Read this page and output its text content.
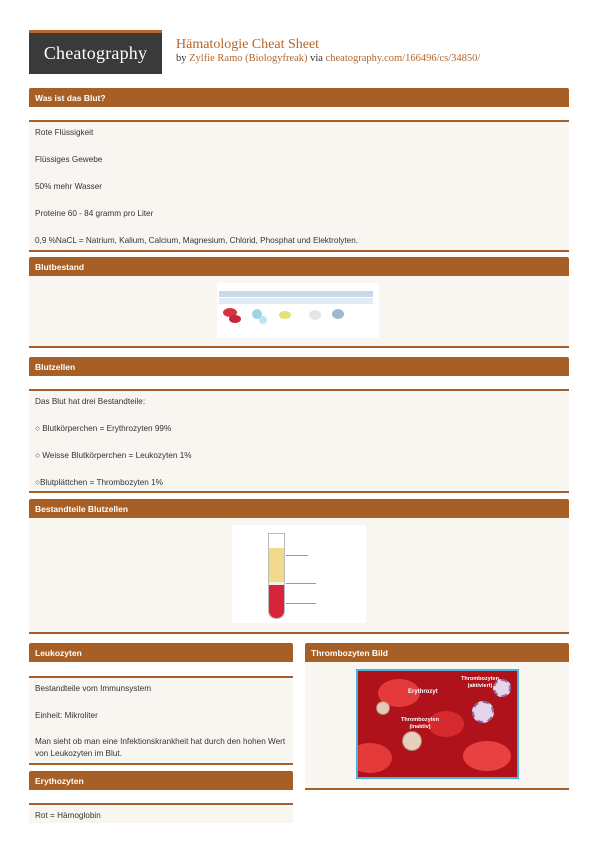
Cheatography	Hämatologie Cheat Sheet
by Zylfie Ramo (Biologyfreak) via cheatography.com/166496/cs/34850/
Was ist das Blut?
Rote Flüssigkeit
Flüssiges Gewebe
50% mehr Wasser
Proteine 60 - 84 gramm pro Liter
0,9 %NaCL = Natrium, Kalium, Calcium, Magnesium, Chlorid, Phosphat und Elektrolyten.
Blutbestand
Blutzellen
Das Blut hat drei Bestandteile:
○ Blutkörperchen = Erythrozyten 99%
○ Weisse Blutkörperchen = Leukozyten 1%
○Blutplättchen = Thrombozyten 1%
Bestandteile Blutzellen
Leukozyten
Bestandteile vom Immunsystem
Einheit: Mikroliter
Man sieht ob man eine Infektionskrankheit hat durch den hohen Wert von Leukozyten im Blut.
Thrombozyten Bild
Erythrozyt
Thrombozyten (aktiviert)
Thrombozyten (inaktiv)
Erythozyten
Rot = Hämoglobin
